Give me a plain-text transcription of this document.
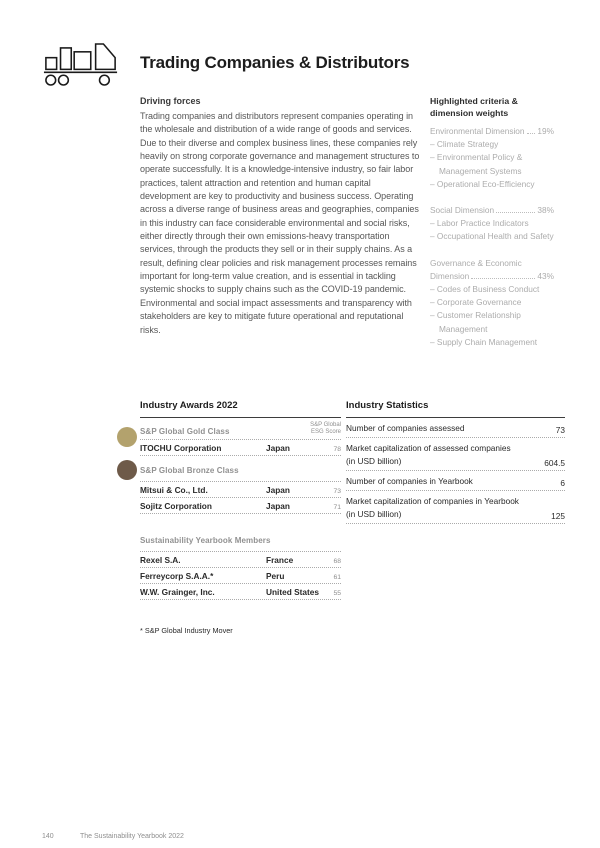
Trading Companies & Distributors
Driving forces
Trading companies and distributors represent companies operating in the wholesale and distribution of a wide range of goods and services. Due to their diverse and complex business lines, these companies rely heavily on strong corporate governance and management structures to operate successfully. It is a knowledge-intensive industry, so fair labor practices, talent attraction and retention and human capital development are key to productivity and business success. Operating across a diverse range of business areas and geographies, companies in this industry can face considerable environmental and social risks, either directly through their own emissions-heavy transportation services, through the products they sell or in their supply chains. As a result, defining clear policies and risk management processes remains important for long-term value creation, and is essential in tackling systemic shocks to supply chains such as the COVID-19 pandemic. Environmental and social impact assessments and transparency with stakeholders are key to mitigate future operational and reputational risks.
Highlighted criteria & dimension weights
Environmental Dimension 19%
– Climate Strategy
– Environmental Policy & Management Systems
– Operational Eco-Efficiency
Social Dimension	38%
– Labor Practice Indicators
– Occupational Health and Safety
Governance & Economic
Dimension	43%
– Codes of Business Conduct
– Corporate Governance
– Customer Relationship Management
– Supply Chain Management
Industry Awards 2022
S&P Global Gold Class
S&P Global ESG Score
ITOCHU Corporation	Japan	78
S&P Global Bronze Class
Mitsui & Co., Ltd.	Japan	73
Sojitz Corporation	Japan	71
Sustainability Yearbook Members
Rexel S.A.	France	68
Ferreycorp S.A.A.*	Peru	61
W.W. Grainger, Inc.	United States	55
* S&P Global Industry Mover
Industry Statistics
Number of companies assessed	73
Market capitalization of assessed companies
(in USD billion)	604.5
Number of companies in Yearbook	6
Market capitalization of companies in Yearbook
(in USD billion)	125
140	The Sustainability Yearbook 2022
